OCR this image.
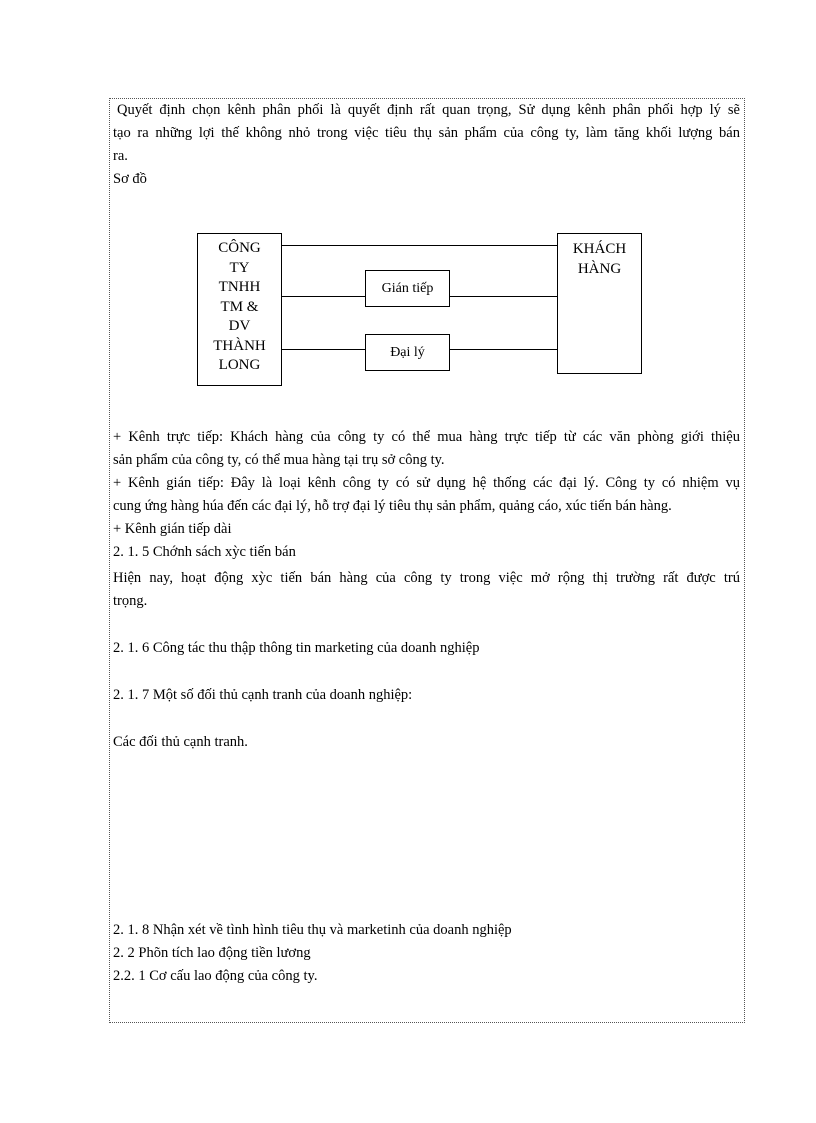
Quyết định chọn kênh phân phối là quyết định rất quan trọng, Sử dụng kênh phân phối hợp lý sẽ

tạo ra những lợi thế không nhỏ trong việc tiêu thụ sản phẩm của công ty, làm tăng khối lượng bán

ra.

Sơ đồ

CÔNG
TY
TNHH
TM &
DV
THÀNH
LONG
KHÁCH
HÀNG
Gián tiếp
Đại lý

+ Kênh trực tiếp: Khách hàng của công ty có thể mua hàng trực tiếp từ các văn phòng giới thiệu

sản phẩm của công ty, có thể mua hàng tại trụ sở công ty.

+ Kênh gián tiếp: Đây là loại kênh công ty có sử dụng hệ thống các đại lý. Công ty có nhiệm vụ

cung ứng hàng húa đến các đại lý, hỗ trợ đại lý tiêu thụ sản phẩm, quảng cáo, xúc tiến bán hàng.

+ Kênh gián tiếp dài

2. 1. 5 Chớnh sách xỳc tiến bán

Hiện nay, hoạt động xỳc tiến bán hàng của công ty trong việc mở rộng thị trường rất được trú

trọng.

2. 1. 6 Công tác thu thập thông tin marketing của doanh nghiệp

2. 1. 7 Một số đối thủ cạnh tranh của doanh nghiệp:

Các đối thủ cạnh tranh.

2. 1. 8 Nhận xét về tình hình tiêu thụ và marketinh của doanh nghiệp

2. 2 Phõn tích lao động tiền lương

2.2. 1 Cơ cấu lao động của công ty.
